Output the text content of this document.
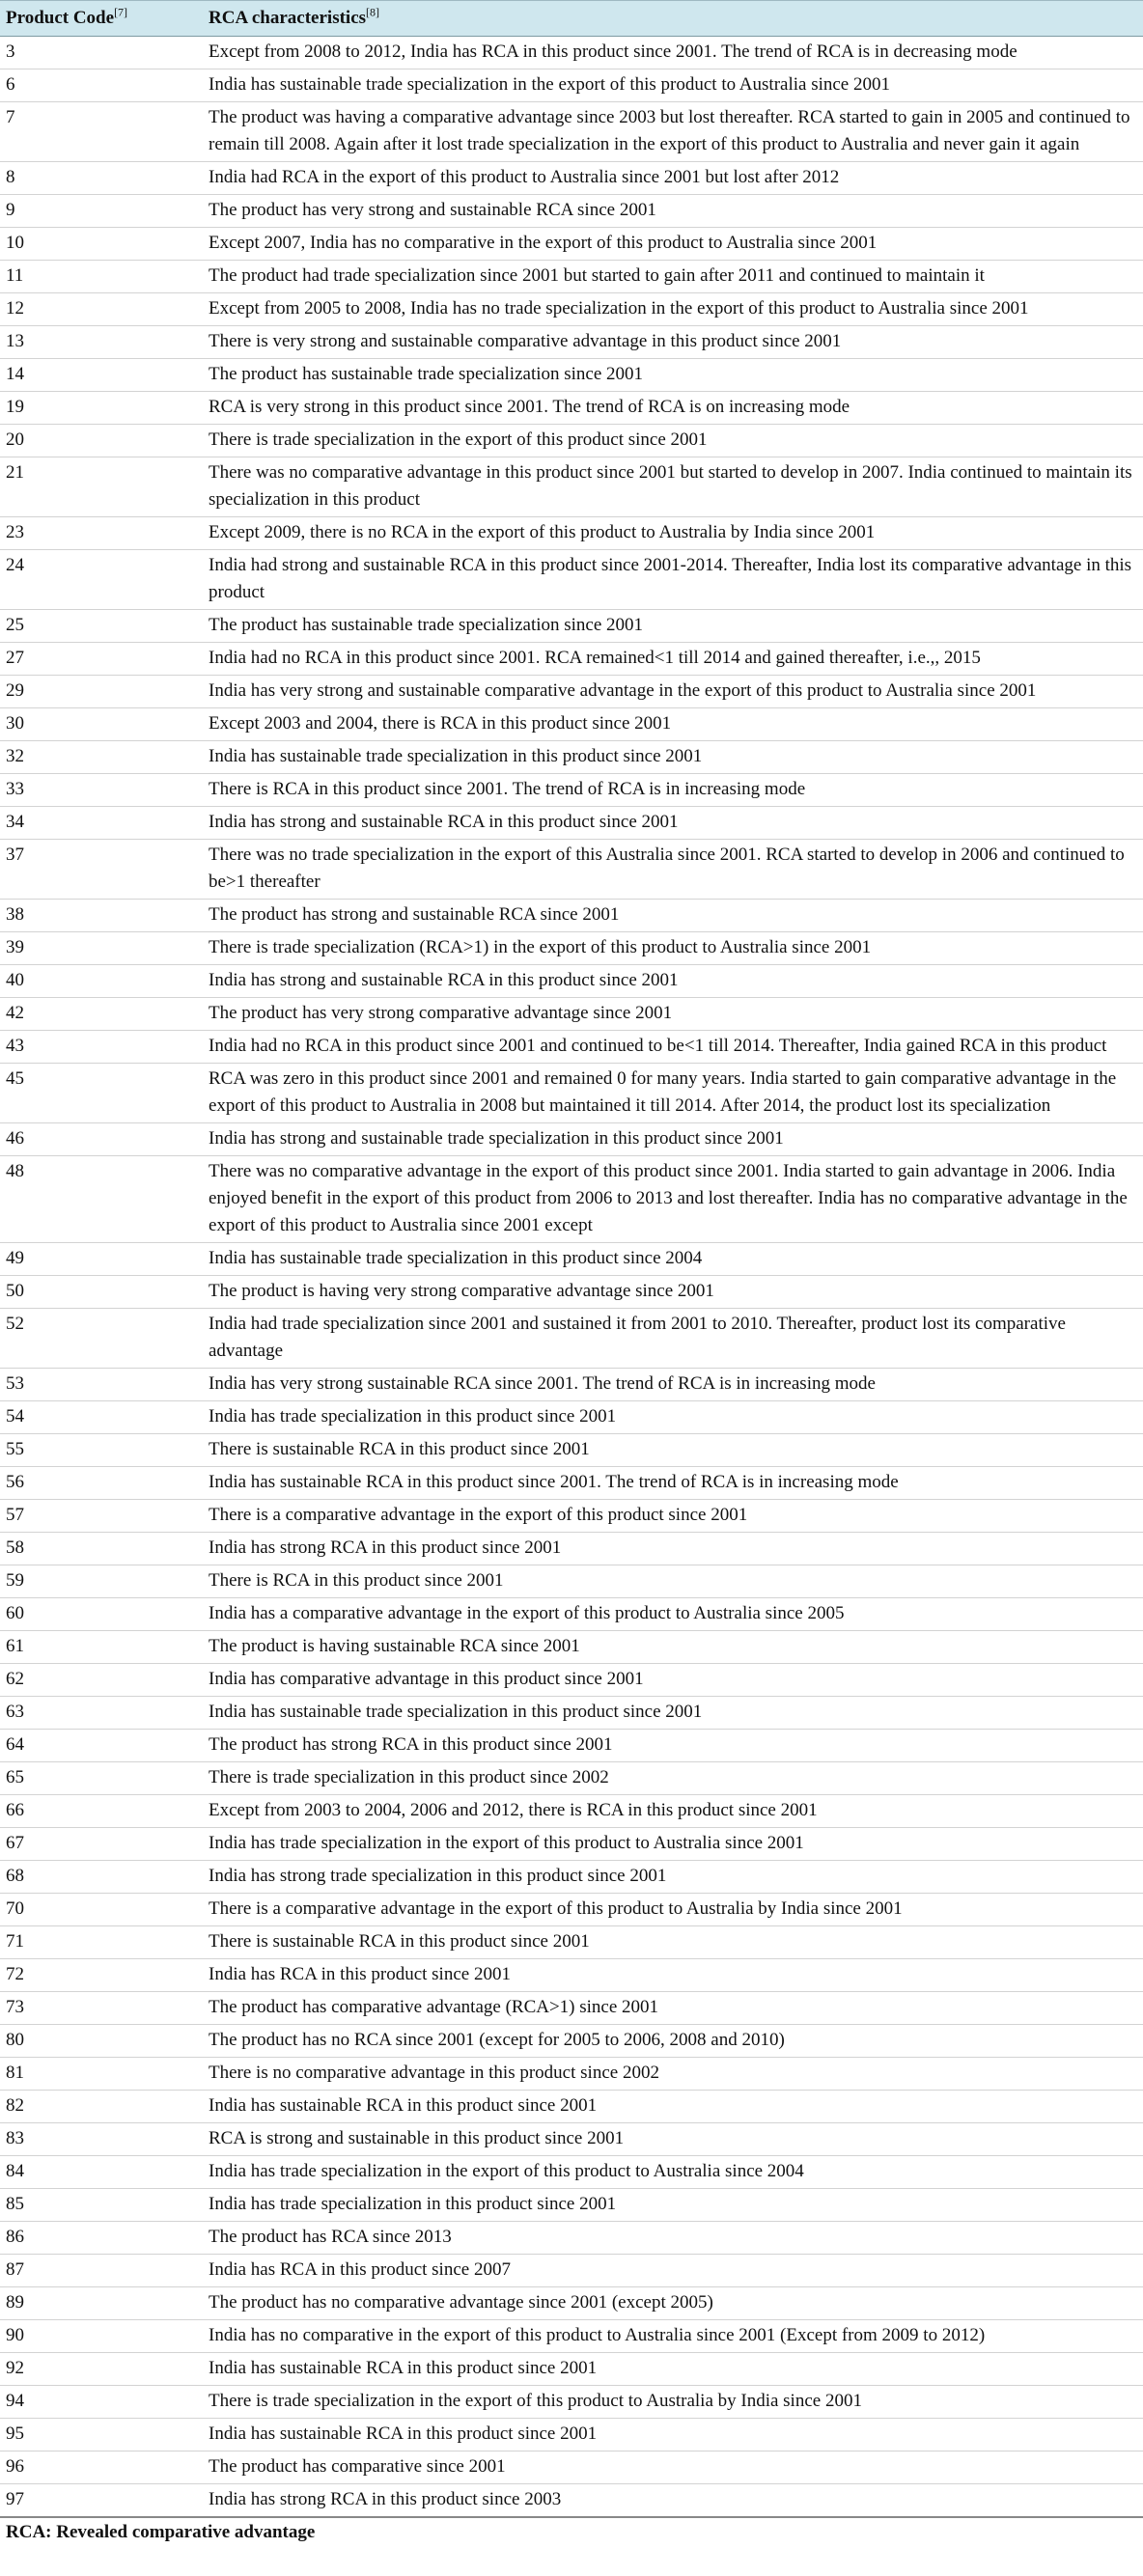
Product Code[7]	RCA characteristics[8]
3	Except from 2008 to 2012, India has RCA in this product since 2001. The trend of RCA is in decreasing mode
6	India has sustainable trade specialization in the export of this product to Australia since 2001
7	The product was having a comparative advantage since 2003 but lost thereafter. RCA started to gain in 2005 and continued to remain till 2008. Again after it lost trade specialization in the export of this product to Australia and never gain it again
8	India had RCA in the export of this product to Australia since 2001 but lost after 2012
9	The product has very strong and sustainable RCA since 2001
10	Except 2007, India has no comparative in the export of this product to Australia since 2001
11	The product had trade specialization since 2001 but started to gain after 2011 and continued to maintain it
12	Except from 2005 to 2008, India has no trade specialization in the export of this product to Australia since 2001
13	There is very strong and sustainable comparative advantage in this product since 2001
14	The product has sustainable trade specialization since 2001
19	RCA is very strong in this product since 2001. The trend of RCA is on increasing mode
20	There is trade specialization in the export of this product since 2001
21	There was no comparative advantage in this product since 2001 but started to develop in 2007. India continued to maintain its specialization in this product
23	Except 2009, there is no RCA in the export of this product to Australia by India since 2001
24	India had strong and sustainable RCA in this product since 2001-2014. Thereafter, India lost its comparative advantage in this product
25	The product has sustainable trade specialization since 2001
27	India had no RCA in this product since 2001. RCA remained<1 till 2014 and gained thereafter, i.e.,, 2015
29	India has very strong and sustainable comparative advantage in the export of this product to Australia since 2001
30	Except 2003 and 2004, there is RCA in this product since 2001
32	India has sustainable trade specialization in this product since 2001
33	There is RCA in this product since 2001. The trend of RCA is in increasing mode
34	India has strong and sustainable RCA in this product since 2001
37	There was no trade specialization in the export of this Australia since 2001. RCA started to develop in 2006 and continued to be>1 thereafter
38	The product has strong and sustainable RCA since 2001
39	There is trade specialization (RCA>1) in the export of this product to Australia since 2001
40	India has strong and sustainable RCA in this product since 2001
42	The product has very strong comparative advantage since 2001
43	India had no RCA in this product since 2001 and continued to be<1 till 2014. Thereafter, India gained RCA in this product
45	RCA was zero in this product since 2001 and remained 0 for many years. India started to gain comparative advantage in the export of this product to Australia in 2008 but maintained it till 2014. After 2014, the product lost its specialization
46	India has strong and sustainable trade specialization in this product since 2001
48	There was no comparative advantage in the export of this product since 2001. India started to gain advantage in 2006. India enjoyed benefit in the export of this product from 2006 to 2013 and lost thereafter. India has no comparative advantage in the export of this product to Australia since 2001 except
49	India has sustainable trade specialization in this product since 2004
50	The product is having very strong comparative advantage since 2001
52	India had trade specialization since 2001 and sustained it from 2001 to 2010. Thereafter, product lost its comparative advantage
53	India has very strong sustainable RCA since 2001. The trend of RCA is in increasing mode
54	India has trade specialization in this product since 2001
55	There is sustainable RCA in this product since 2001
56	India has sustainable RCA in this product since 2001. The trend of RCA is in increasing mode
57	There is a comparative advantage in the export of this product since 2001
58	India has strong RCA in this product since 2001
59	There is RCA in this product since 2001
60	India has a comparative advantage in the export of this product to Australia since 2005
61	The product is having sustainable RCA since 2001
62	India has comparative advantage in this product since 2001
63	India has sustainable trade specialization in this product since 2001
64	The product has strong RCA in this product since 2001
65	There is trade specialization in this product since 2002
66	Except from 2003 to 2004, 2006 and 2012, there is RCA in this product since 2001
67	India has trade specialization in the export of this product to Australia since 2001
68	India has strong trade specialization in this product since 2001
70	There is a comparative advantage in the export of this product to Australia by India since 2001
71	There is sustainable RCA in this product since 2001
72	India has RCA in this product since 2001
73	The product has comparative advantage (RCA>1) since 2001
80	The product has no RCA since 2001 (except for 2005 to 2006, 2008 and 2010)
81	There is no comparative advantage in this product since 2002
82	India has sustainable RCA in this product since 2001
83	RCA is strong and sustainable in this product since 2001
84	India has trade specialization in the export of this product to Australia since 2004
85	India has trade specialization in this product since 2001
86	The product has RCA since 2013
87	India has RCA in this product since 2007
89	The product has no comparative advantage since 2001 (except 2005)
90	India has no comparative in the export of this product to Australia since 2001 (Except from 2009 to 2012)
92	India has sustainable RCA in this product since 2001
94	There is trade specialization in the export of this product to Australia by India since 2001
95	India has sustainable RCA in this product since 2001
96	The product has comparative since 2001
97	India has strong RCA in this product since 2003
RCA: Revealed comparative advantage
